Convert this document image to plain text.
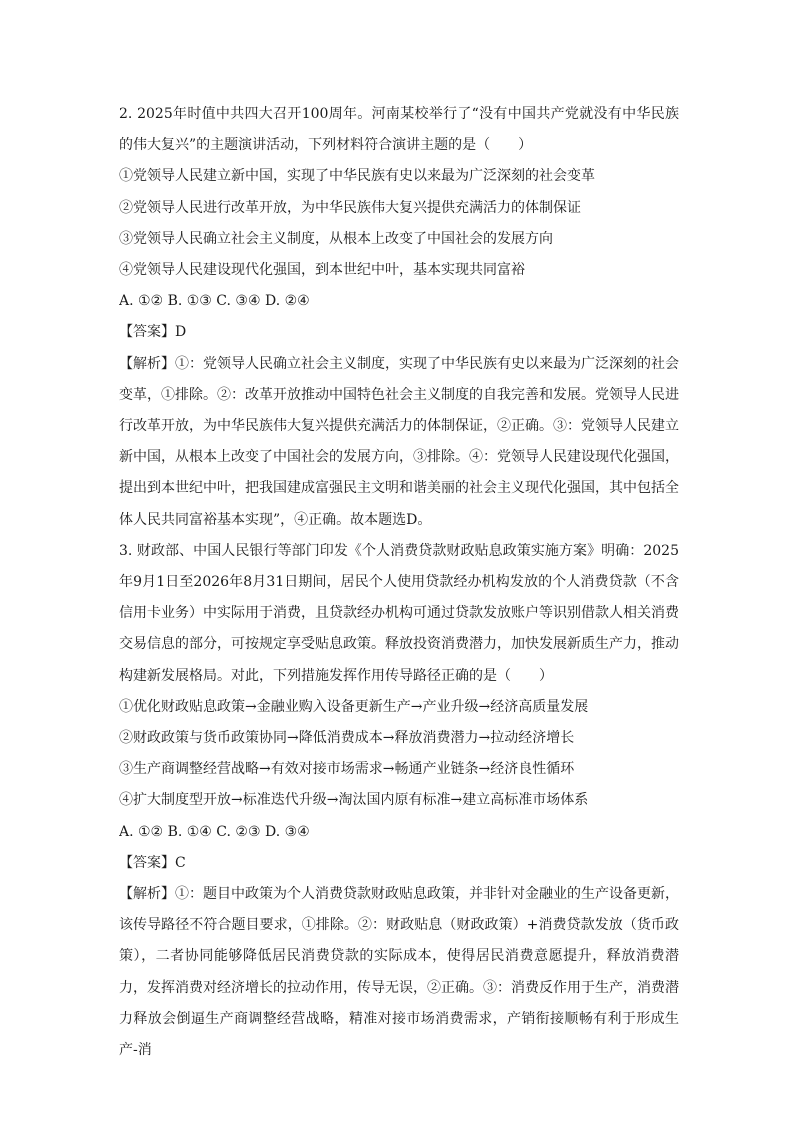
2. 2025年时值中共四大召开100周年。河南某校举行了“没有中国共产党就没有中华民族的伟大复兴”的主题演讲活动，下列材料符合演讲主题的是（　　）
①党领导人民建立新中国，实现了中华民族有史以来最为广泛深刻的社会变革
②党领导人民进行改革开放，为中华民族伟大复兴提供充满活力的体制保证
③党领导人民确立社会主义制度，从根本上改变了中国社会的发展方向
④党领导人民建设现代化强国，到本世纪中叶，基本实现共同富裕
A. ①② B. ①③ C. ③④ D. ②④
【答案】D
【解析】①：党领导人民确立社会主义制度，实现了中华民族有史以来最为广泛深刻的社会变革，①排除。②：改革开放推动中国特色社会主义制度的自我完善和发展。党领导人民进行改革开放，为中华民族伟大复兴提供充满活力的体制保证，②正确。③：党领导人民建立新中国，从根本上改变了中国社会的发展方向，③排除。④：党领导人民建设现代化强国，提出到本世纪中叶，把我国建成富强民主文明和谐美丽的社会主义现代化强国，其中包括全体人民共同富裕基本实现”，④正确。故本题选D。
3. 财政部、中国人民银行等部门印发《个人消费贷款财政贴息政策实施方案》明确：2025年9月1日至2026年8月31日期间，居民个人使用贷款经办机构发放的个人消费贷款（不含信用卡业务）中实际用于消费，且贷款经办机构可通过贷款发放账户等识别借款人相关消费交易信息的部分，可按规定享受贴息政策。释放投资消费潜力，加快发展新质生产力，推动构建新发展格局。对此，下列措施发挥作用传导路径正确的是（　　）
①优化财政贴息政策→金融业购入设备更新生产→产业升级→经济高质量发展
②财政政策与货币政策协同→降低消费成本→释放消费潜力→拉动经济增长
③生产商调整经营战略→有效对接市场需求→畅通产业链条→经济良性循环
④扩大制度型开放→标准迭代升级→淘汰国内原有标准→建立高标准市场体系
A. ①② B. ①④ C. ②③ D. ③④
【答案】C
【解析】①：题目中政策为个人消费贷款财政贴息政策，并非针对金融业的生产设备更新，该传导路径不符合题目要求，①排除。②：财政贴息（财政政策）+消费贷款发放（货币政策），二者协同能够降低居民消费贷款的实际成本，使得居民消费意愿提升，释放消费潜力，发挥消费对经济增长的拉动作用，传导无误，②正确。③：消费反作用于生产，消费潜力释放会倒逼生产商调整经营战略，精准对接市场消费需求，产销衔接顺畅有利于形成生产-消
